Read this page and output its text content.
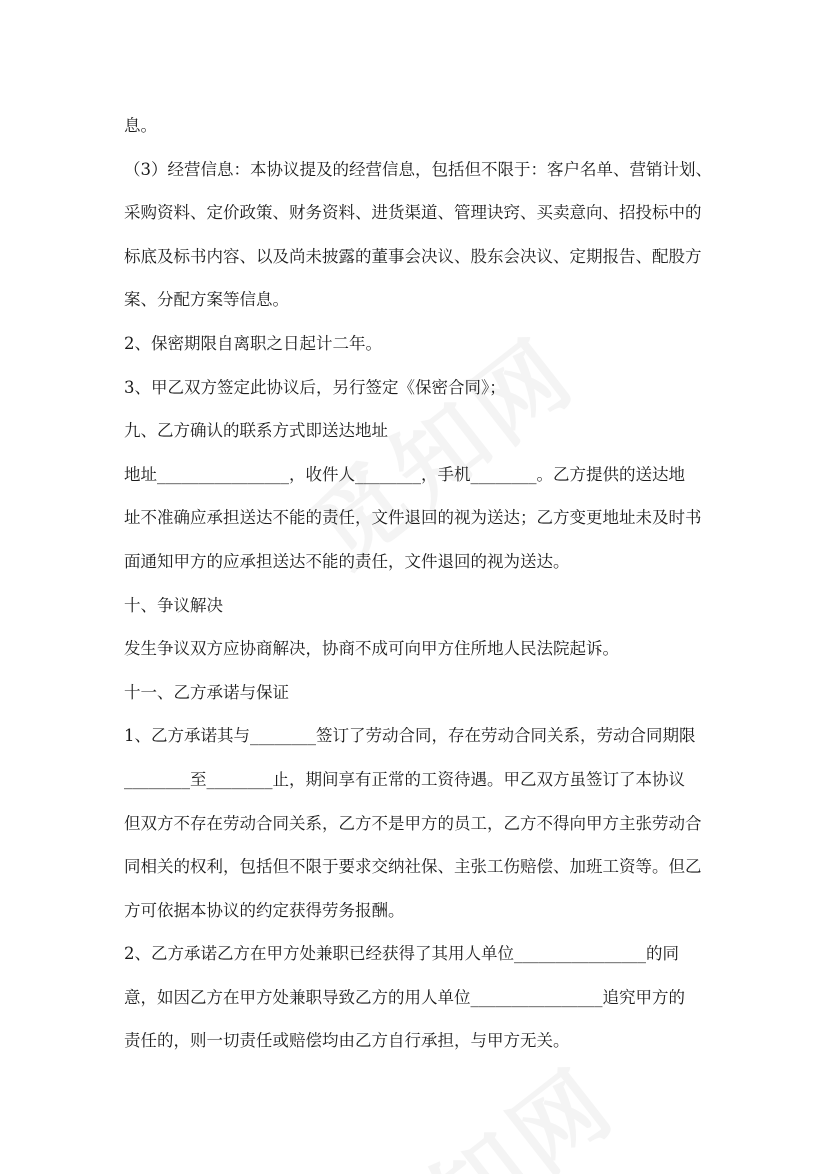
息。
（3）经营信息：本协议提及的经营信息，包括但不限于：客户名单、营销计划、
采购资料、定价政策、财务资料、进货渠道、管理诀窍、买卖意向、招投标中的
标底及标书内容、以及尚未披露的董事会决议、股东会决议、定期报告、配股方
案、分配方案等信息。
2、保密期限自离职之日起计二年。
3、甲乙双方签定此协议后，另行签定《保密合同》；
九、乙方确认的联系方式即送达地址
地址________________，收件人________，手机________。乙方提供的送达地
址不准确应承担送达不能的责任，文件退回的视为送达；乙方变更地址未及时书
面通知甲方的应承担送达不能的责任，文件退回的视为送达。
十、争议解决
发生争议双方应协商解决，协商不成可向甲方住所地人民法院起诉。
十一、乙方承诺与保证
1、乙方承诺其与________签订了劳动合同，存在劳动合同关系，劳动合同期限
________至________止，期间享有正常的工资待遇。甲乙双方虽签订了本协议
但双方不存在劳动合同关系，乙方不是甲方的员工，乙方不得向甲方主张劳动合
同相关的权利，包括但不限于要求交纳社保、主张工伤赔偿、加班工资等。但乙
方可依据本协议的约定获得劳务报酬。
2、乙方承诺乙方在甲方处兼职已经获得了其用人单位________________的同
意，如因乙方在甲方处兼职导致乙方的用人单位________________追究甲方的
责任的，则一切责任或赔偿均由乙方自行承担，与甲方无关。
